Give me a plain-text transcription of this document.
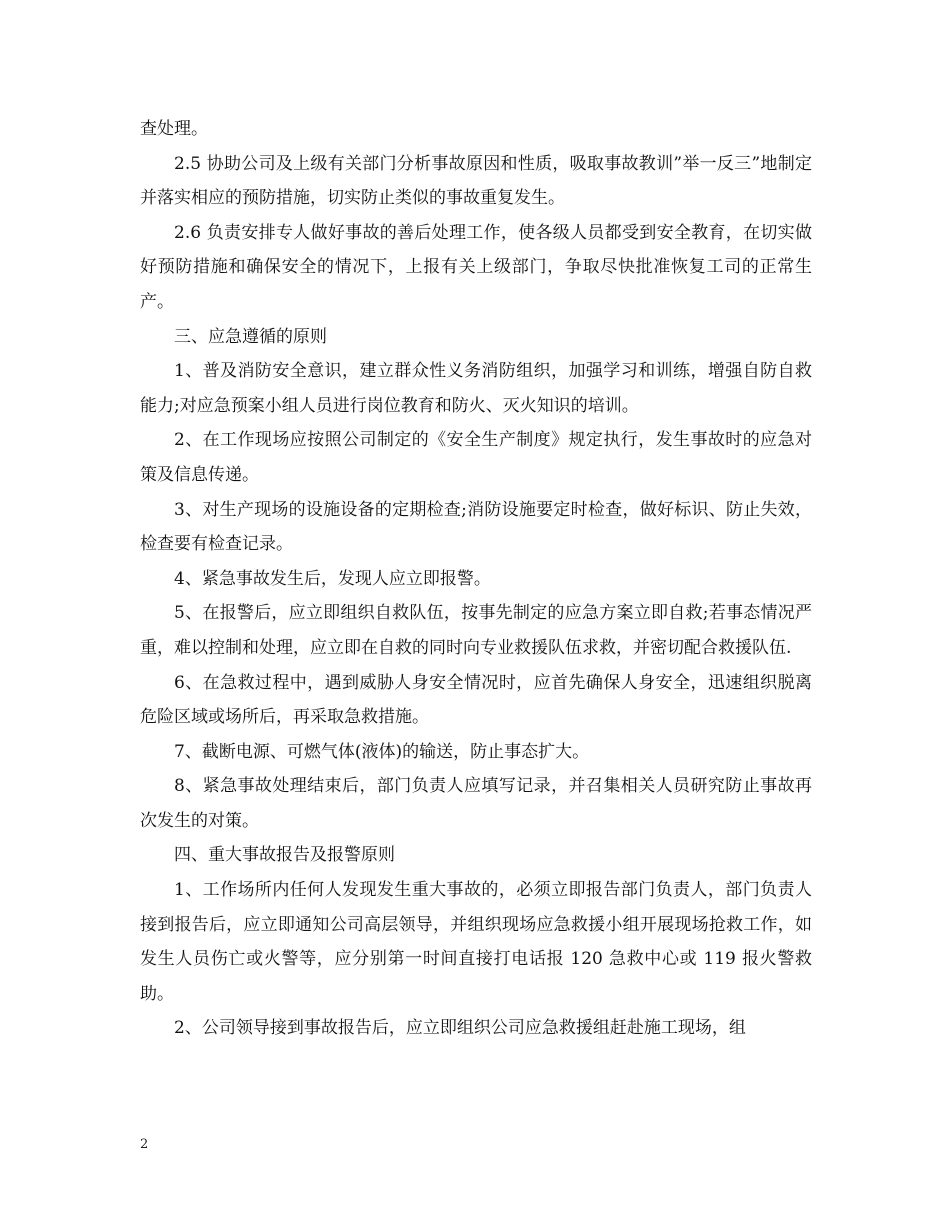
查处理。

2.5 协助公司及上级有关部门分析事故原因和性质，吸取事故教训”举一反三”地制定并落实相应的预防措施，切实防止类似的事故重复发生。

2.6 负责安排专人做好事故的善后处理工作，使各级人员都受到安全教育，在切实做好预防措施和确保安全的情况下，上报有关上级部门，争取尽快批准恢复工司的正常生产。

三、应急遵循的原则

1、普及消防安全意识，建立群众性义务消防组织，加强学习和训练，增强自防自救能力;对应急预案小组人员进行岗位教育和防火、灭火知识的培训。

2、在工作现场应按照公司制定的《安全生产制度》规定执行，发生事故时的应急对策及信息传递。

3、对生产现场的设施设备的定期检查;消防设施要定时检查，做好标识、防止失效，检查要有检查记录。

4、紧急事故发生后，发现人应立即报警。

5、在报警后，应立即组织自救队伍，按事先制定的应急方案立即自救;若事态情况严重，难以控制和处理，应立即在自救的同时向专业救援队伍求救，并密切配合救援队伍.

6、在急救过程中，遇到威胁人身安全情况时，应首先确保人身安全，迅速组织脱离危险区域或场所后，再采取急救措施。

7、截断电源、可燃气体(液体)的输送，防止事态扩大。

8、紧急事故处理结束后，部门负责人应填写记录，并召集相关人员研究防止事故再次发生的对策。

四、重大事故报告及报警原则

1、工作场所内任何人发现发生重大事故的，必须立即报告部门负责人，部门负责人接到报告后，应立即通知公司高层领导，并组织现场应急救援小组开展现场抢救工作，如发生人员伤亡或火警等，应分别第一时间直接打电话报 120 急救中心或 119 报火警救助。

2、公司领导接到事故报告后，应立即组织公司应急救援组赶赴施工现场，组

2
